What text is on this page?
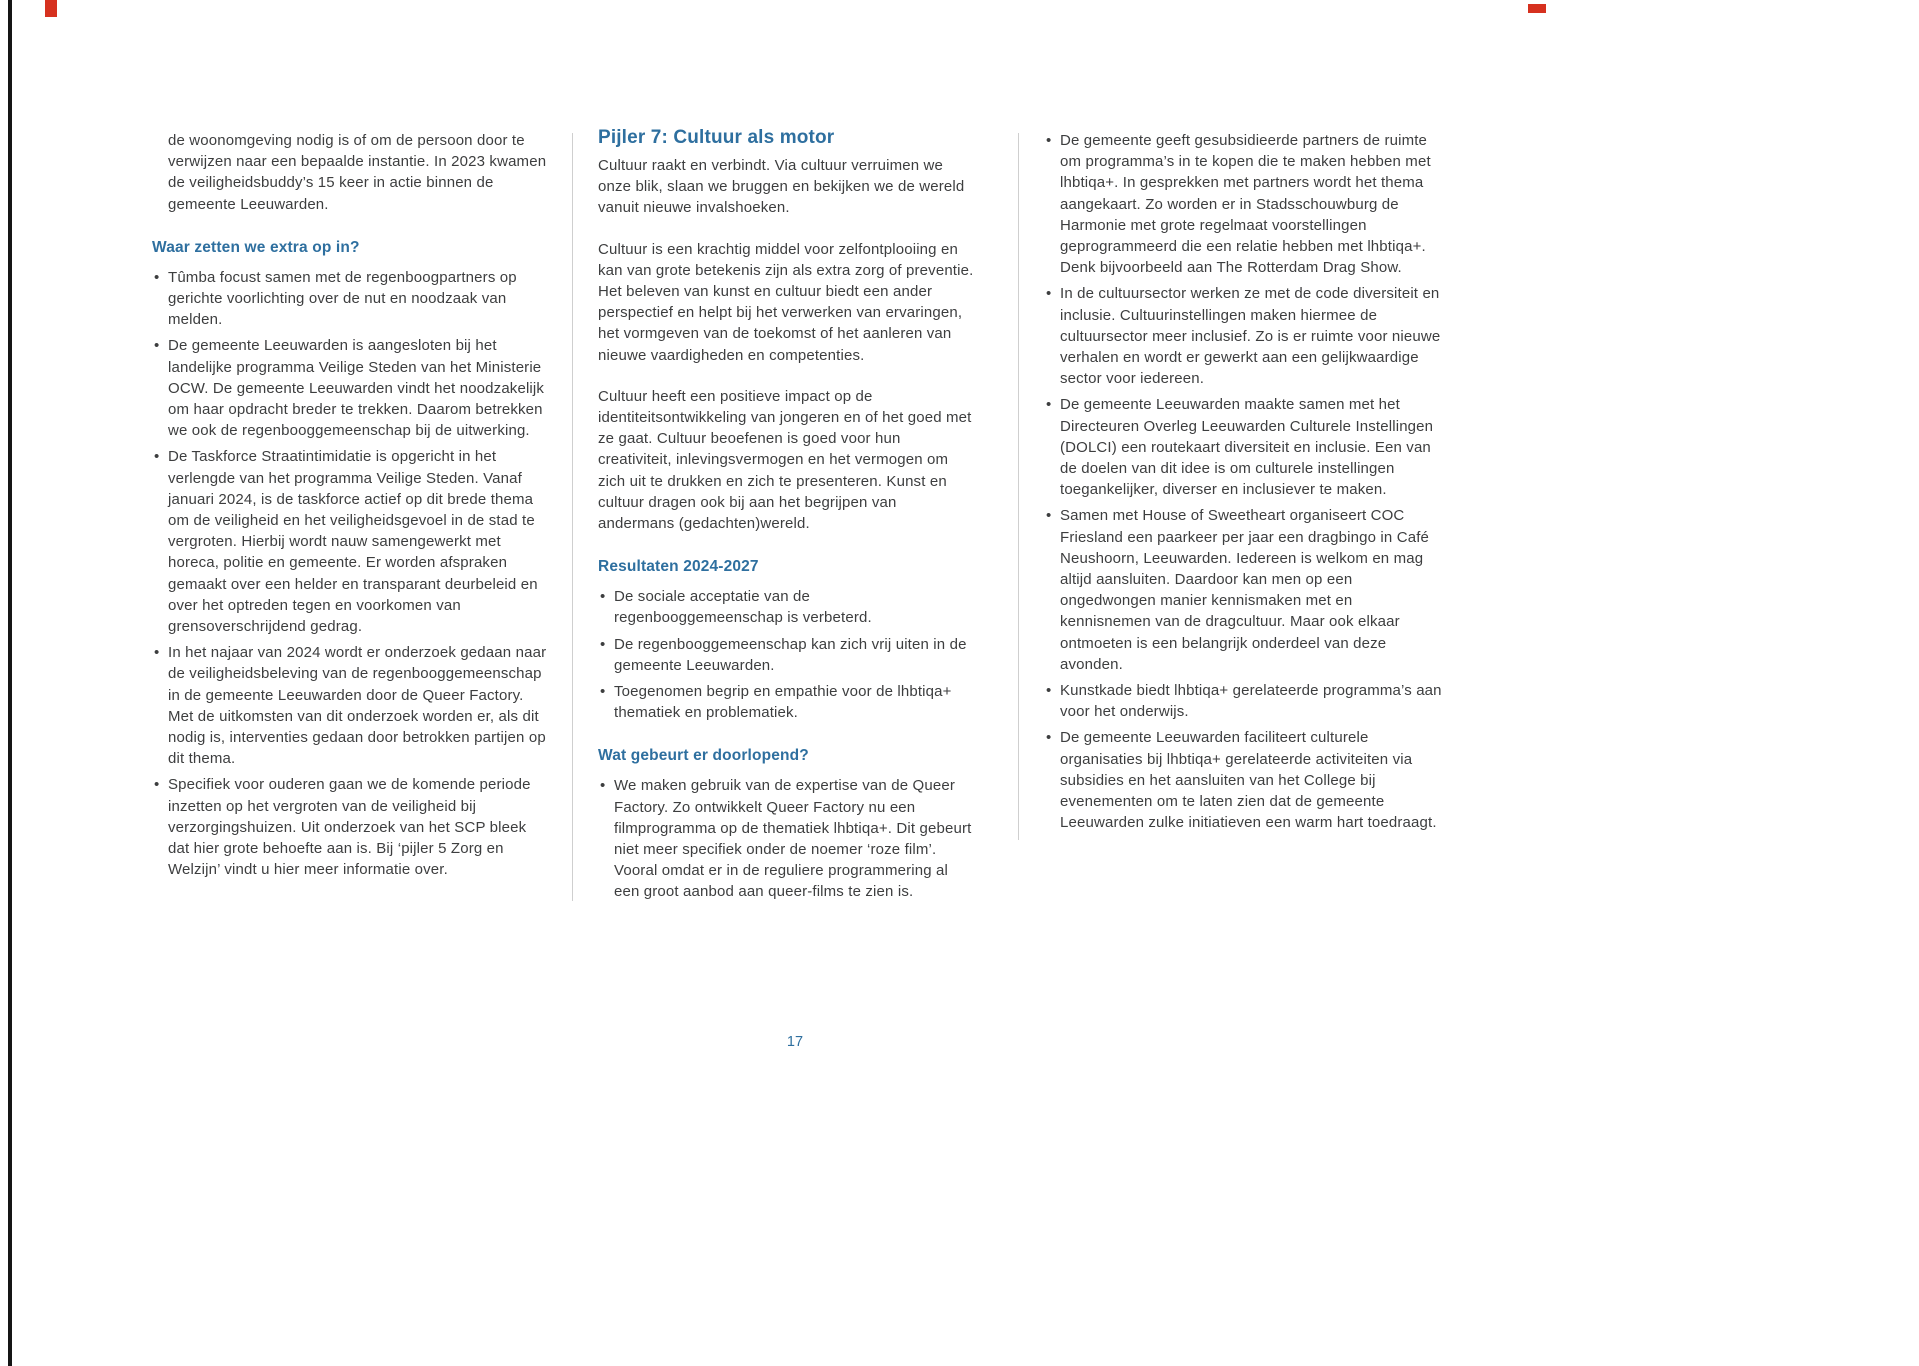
de woonomgeving nodig is of om de persoon door te verwijzen naar een bepaalde instantie. In 2023 kwamen de veiligheidsbuddy’s 15 keer in actie binnen de gemeente Leeuwarden.

Waar zetten we extra op in?
• Tûmba focust samen met de regenboogpartners op gerichte voorlichting over de nut en noodzaak van melden.
• De gemeente Leeuwarden is aangesloten bij het landelijke programma Veilige Steden van het Ministerie OCW. De gemeente Leeuwarden vindt het noodzakelijk om haar opdracht breder te trekken. Daarom betrekken we ook de regenbooggemeenschap bij de uitwerking.
• De Taskforce Straatintimidatie is opgericht in het verlengde van het programma Veilige Steden. Vanaf januari 2024, is de taskforce actief op dit brede thema om de veiligheid en het veiligheidsgevoel in de stad te vergroten. Hierbij wordt nauw samengewerkt met horeca, politie en gemeente. Er worden afspraken gemaakt over een helder en transparant deurbeleid en over het optreden tegen en voorkomen van grensoverschrijdend gedrag.
• In het najaar van 2024 wordt er onderzoek gedaan naar de veiligheidsbeleving van de regenbooggemeenschap in de gemeente Leeuwarden door de Queer Factory. Met de uitkomsten van dit onderzoek worden er, als dit nodig is, interventies gedaan door betrokken partijen op dit thema.
• Specifiek voor ouderen gaan we de komende periode inzetten op het vergroten van de veiligheid bij verzorgingshuizen. Uit onderzoek van het SCP bleek dat hier grote behoefte aan is. Bij ‘pijler 5 Zorg en Welzijn’ vindt u hier meer informatie over.
Pijler 7: Cultuur als motor

Cultuur raakt en verbindt. Via cultuur verruimen we onze blik, slaan we bruggen en bekijken we de wereld vanuit nieuwe invalshoeken.

Cultuur is een krachtig middel voor zelfontplooiing en kan van grote betekenis zijn als extra zorg of preventie. Het beleven van kunst en cultuur biedt een ander perspectief en helpt bij het verwerken van ervaringen, het vormgeven van de toekomst of het aanleren van nieuwe vaardigheden en competenties.

Cultuur heeft een positieve impact op de identiteitsontwikkeling van jongeren en of het goed met ze gaat. Cultuur beoefenen is goed voor hun creativiteit, inlevingsvermogen en het vermogen om zich uit te drukken en zich te presenteren. Kunst en cultuur dragen ook bij aan het begrijpen van andermans (gedachten)wereld.

Resultaten 2024-2027
• De sociale acceptatie van de regenbooggemeenschap is verbeterd.
• De regenbooggemeenschap kan zich vrij uiten in de gemeente Leeuwarden.
• Toegenomen begrip en empathie voor de lhbtiqa+ thematiek en problematiek.
Wat gebeurt er doorlopend?
• We maken gebruik van de expertise van de Queer Factory. Zo ontwikkelt Queer Factory nu een filmprogramma op de thematiek lhbtiqa+. Dit gebeurt niet meer specifiek onder de noemer ‘roze film’. Vooral omdat er in de reguliere programmering al een groot aanbod aan queer-films te zien is.
• De gemeente geeft gesubsidieerde partners de ruimte om programma’s in te kopen die te maken hebben met lhbtiqa+. In gesprekken met partners wordt het thema aangekaart. Zo worden er in Stadsschouwburg de Harmonie met grote regelmaat voorstellingen geprogrammeerd die een relatie hebben met lhbtiqa+. Denk bijvoorbeeld aan The Rotterdam Drag Show.
• In de cultuursector werken ze met de code diversiteit en inclusie. Cultuurinstellingen maken hiermee de cultuursector meer inclusief. Zo is er ruimte voor nieuwe verhalen en wordt er gewerkt aan een gelijkwaardige sector voor iedereen.
• De gemeente Leeuwarden maakte samen met het Directeuren Overleg Leeuwarden Culturele Instellingen (DOLCI) een routekaart diversiteit en inclusie. Een van de doelen van dit idee is om culturele instellingen toegankelijker, diverser en inclusiever te maken.
• Samen met House of Sweetheart organiseert COC Friesland een paarkeer per jaar een dragbingo in Café Neushoorn, Leeuwarden. Iedereen is welkom en mag altijd aansluiten. Daardoor kan men op een ongedwongen manier kennismaken met en kennisnemen van de dragcultuur. Maar ook elkaar ontmoeten is een belangrijk onderdeel van deze avonden.
• Kunstkade biedt lhbtiqa+ gerelateerde programma’s aan voor het onderwijs.
• De gemeente Leeuwarden faciliteert culturele organisaties bij lhbtiqa+ gerelateerde activiteiten via subsidies en het aansluiten van het College bij evenementen om te laten zien dat de gemeente Leeuwarden zulke initiatieven een warm hart toedraagt.
17
